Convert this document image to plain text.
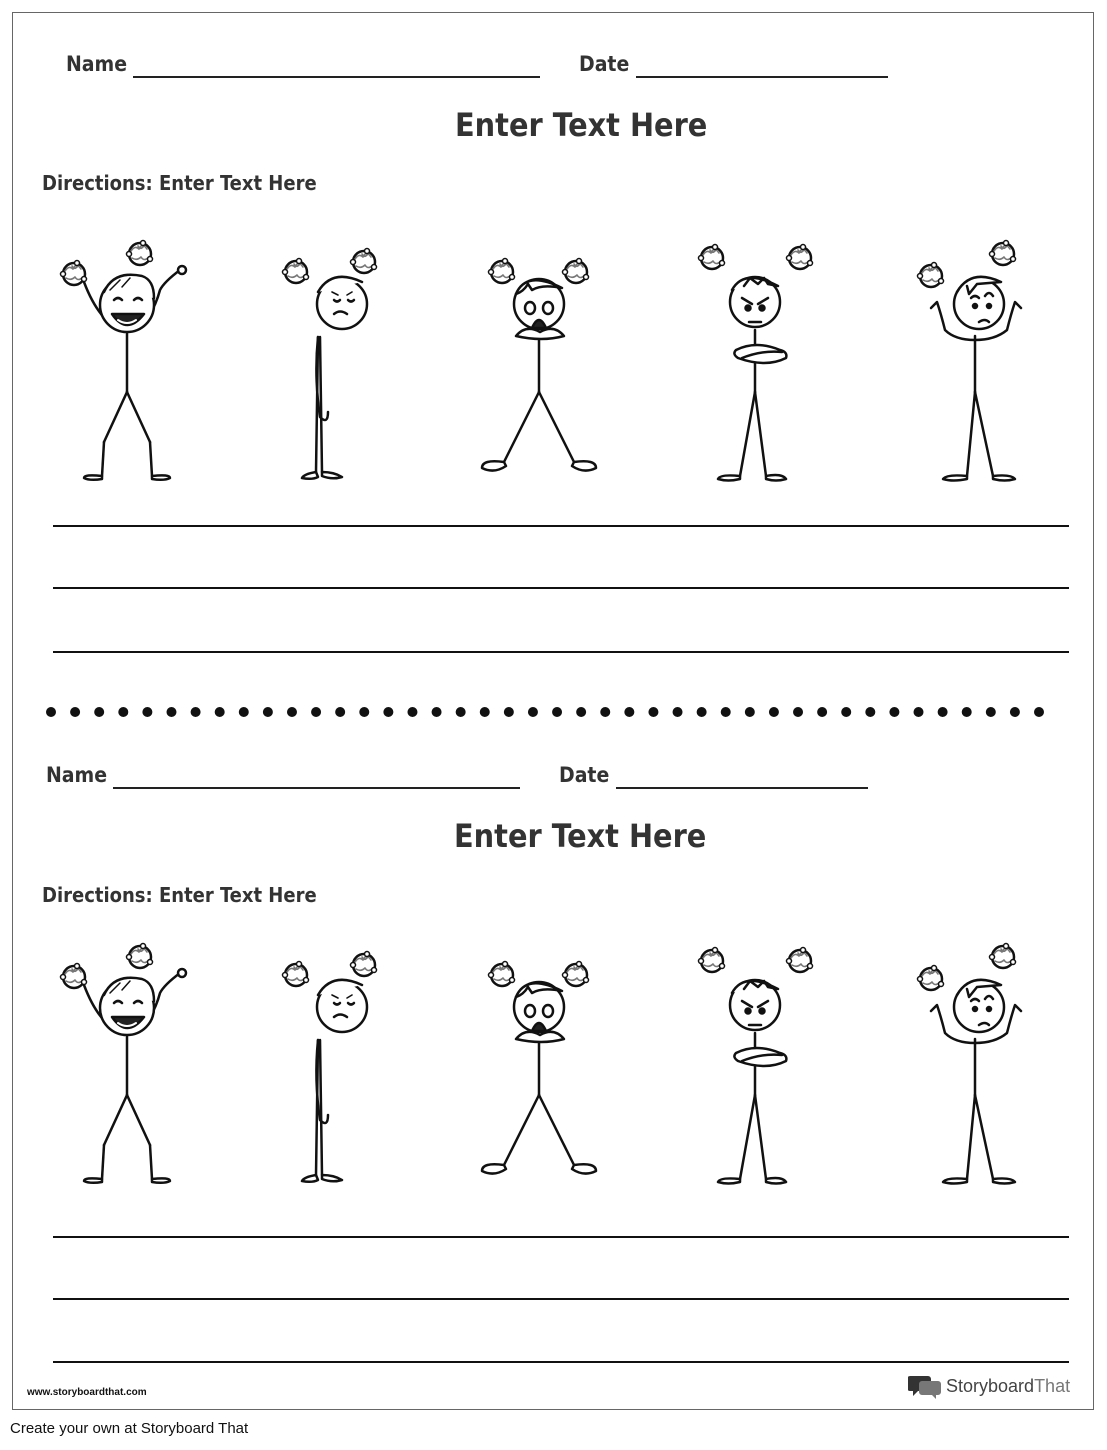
Name	Date
Enter Text Here
Directions: Enter Text Here
Name	Date
Enter Text Here
Directions: Enter Text Here
www.storyboardthat.com	StoryboardThat
Create your own at Storyboard That
